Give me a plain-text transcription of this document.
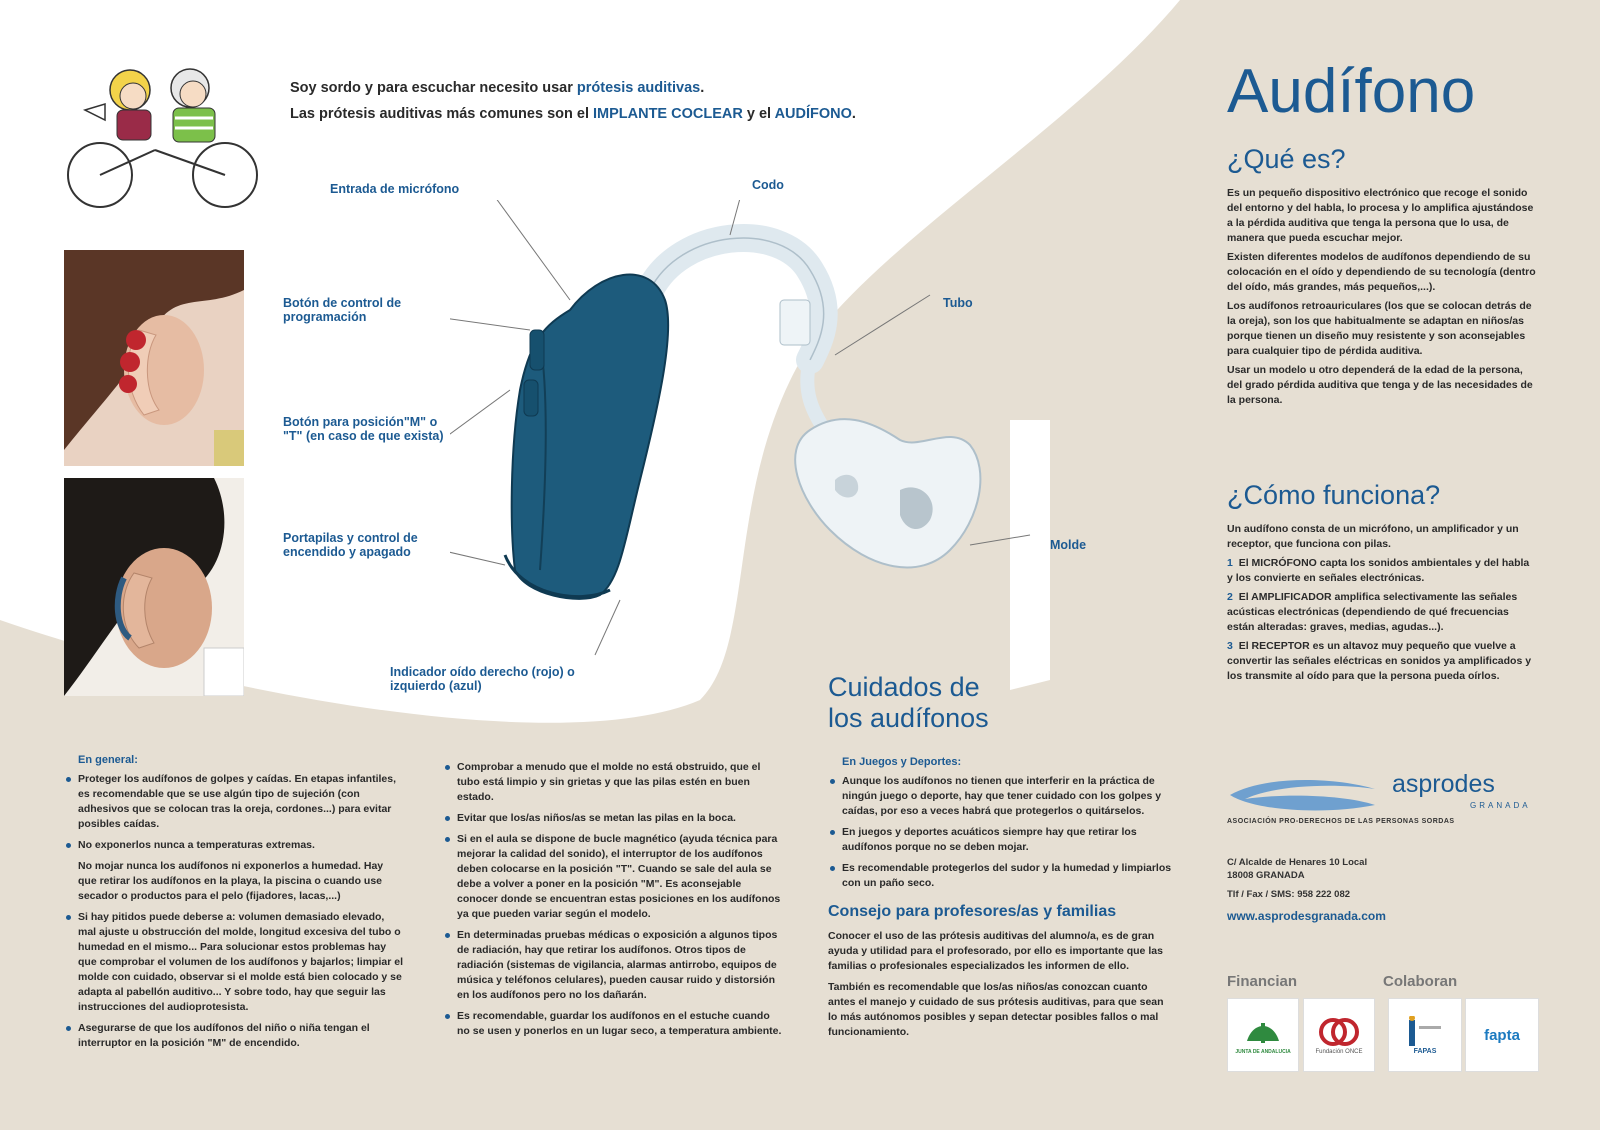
Soy sordo y para escuchar necesito usar prótesis auditivas.
Las prótesis auditivas más comunes son el IMPLANTE COCLEAR y el AUDÍFONO.
Entrada de micrófono	Codo
Tubo
Botón de control de programación
Botón para posición"M" o "T" (en caso de que exista)
Portapilas y control de encendido y apagado	Molde
Indicador oído derecho (rojo) o izquierdo (azul)
Audífono
¿Qué es?

Es un pequeño dispositivo electrónico que recoge el sonido del entorno y del habla, lo procesa y lo amplifica ajustándose a la pérdida auditiva que tenga la persona que lo usa, de manera que pueda escuchar mejor.

Existen diferentes modelos de audífonos dependiendo de su colocación en el oído y dependiendo de su tecnología (dentro del oído, más grandes, más pequeños,...).

Los audífonos retroauriculares (los que se colocan detrás de la oreja), son los que habitualmente se adaptan en niños/as porque tienen un diseño muy resistente y son aconsejables para cualquier tipo de pérdida auditiva.

Usar un modelo u otro dependerá de la edad de la persona, del grado pérdida auditiva que tenga y de las necesidades de la persona.

¿Cómo funciona?

Un audífono consta de un micrófono, un amplificador y un receptor, que funciona con pilas.

1 El MICRÓFONO capta los sonidos ambientales y del habla y los convierte en señales electrónicas.

2 El AMPLIFICADOR amplifica selectivamente las señales acústicas electrónicas (dependiendo de qué frecuencias están alteradas: graves, medias, agudas...).

3 El RECEPTOR es un altavoz muy pequeño que vuelve a convertir las señales eléctricas en sonidos ya amplificados y los transmite al oído para que la persona pueda oírlos.

asprodes
GRANADA
ASOCIACIÓN PRO-DERECHOS DE LAS PERSONAS SORDAS
C/ Alcalde de Henares 10 Local
18008 GRANADA
Tlf / Fax / SMS: 958 222 082
www.asprodesgranada.com
Financian	Colaboran
JUNTA DE ANDALUCIA	Fundación ONCE	FAPAS
fapta
Cuidados de
los audífonos
En general:
Proteger los audífonos de golpes y caídas. En etapas infantiles, es recomendable que se use algún tipo de sujeción (con adhesivos que se colocan tras la oreja, cordones...) para evitar posibles caídas.
No exponerlos nunca a temperaturas extremas.
No mojar nunca los audífonos ni exponerlos a humedad. Hay que retirar los audífonos en la playa, la piscina o cuando use secador o productos para el pelo (fijadores, lacas,...)
Si hay pitidos puede deberse a: volumen demasiado elevado, mal ajuste u obstrucción del molde, longitud excesiva del tubo o humedad en el mismo... Para solucionar estos problemas hay que comprobar el volumen de los audífonos y bajarlos; limpiar el molde con cuidado, observar si el molde está bien colocado y se adapta al pabellón auditivo... Y sobre todo, hay que seguir las instrucciones del audioprotesista.
Asegurarse de que los audífonos del niño o niña tengan el interruptor en la posición "M" de encendido.
Comprobar a menudo que el molde no está obstruido, que el tubo está limpio y sin grietas y que las pilas estén en buen estado.
Evitar que los/as niños/as se metan las pilas en la boca.
Si en el aula se dispone de bucle magnético (ayuda técnica para mejorar la calidad del sonido), el interruptor de los audífonos deben colocarse en la posición "T". Cuando se sale del aula se debe a volver a poner en la posición "M". Es aconsejable conocer donde se encuentran estas posiciones en los audífonos ya que pueden variar según el modelo.
En determinadas pruebas médicas o exposición a algunos tipos de radiación, hay que retirar los audífonos. Otros tipos de radiación (sistemas de vigilancia, alarmas antirrobo, equipos de música y teléfonos celulares), pueden causar ruido y distorsión en los audífonos pero no los dañarán.
Es recomendable, guardar los audífonos en el estuche cuando no se usen y ponerlos en un lugar seco, a temperatura ambiente.
En Juegos y Deportes:
Aunque los audífonos no tienen que interferir en la práctica de ningún juego o deporte, hay que tener cuidado con los golpes y caídas, por eso a veces habrá que protegerlos o quitárselos.
En juegos y deportes acuáticos siempre hay que retirar los audífonos porque no se deben mojar.
Es recomendable protegerlos del sudor y la humedad y limpiarlos con un paño seco.
Consejo para profesores/as y familias

Conocer el uso de las prótesis auditivas del alumno/a, es de gran ayuda y utilidad para el profesorado, por ello es importante que las familias o profesionales especializados les informen de ello.

También es recomendable que los/as niños/as conozcan cuanto antes el manejo y cuidado de sus prótesis auditivas, para que sean lo más autónomos posibles y sepan detectar posibles fallos o mal funcionamiento.
